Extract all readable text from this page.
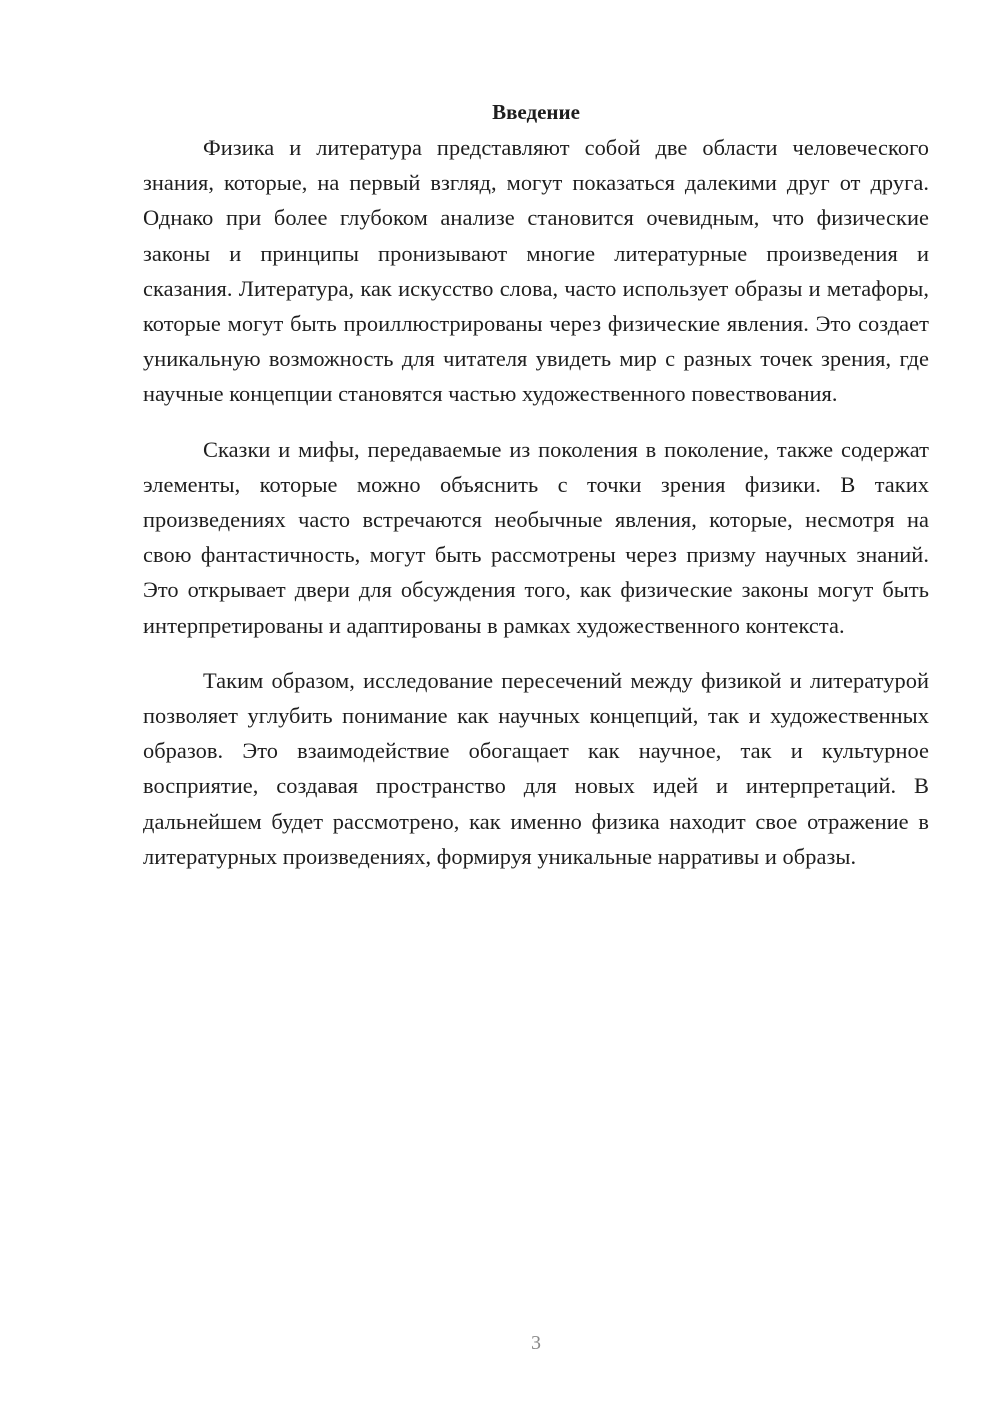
Введение

Физика и литература представляют собой две области человеческого знания, которые, на первый взгляд, могут показаться далекими друг от друга. Однако при более глубоком анализе становится очевидным, что физические законы и принципы пронизывают многие литературные произведения и сказания. Литература, как искусство слова, часто использует образы и метафоры, которые могут быть проиллюстрированы через физические явления. Это создает уникальную возможность для читателя увидеть мир с разных точек зрения, где научные концепции становятся частью художественного повествования.

Сказки и мифы, передаваемые из поколения в поколение, также содержат элементы, которые можно объяснить с точки зрения физики. В таких произведениях часто встречаются необычные явления, которые, несмотря на свою фантастичность, могут быть рассмотрены через призму научных знаний. Это открывает двери для обсуждения того, как физические законы могут быть интерпретированы и адаптированы в рамках художественного контекста.

Таким образом, исследование пересечений между физикой и литературой позволяет углубить понимание как научных концепций, так и художественных образов. Это взаимодействие обогащает как научное, так и культурное восприятие, создавая пространство для новых идей и интерпретаций. В дальнейшем будет рассмотрено, как именно физика находит свое отражение в литературных произведениях, формируя уникальные нарративы и образы.

3
